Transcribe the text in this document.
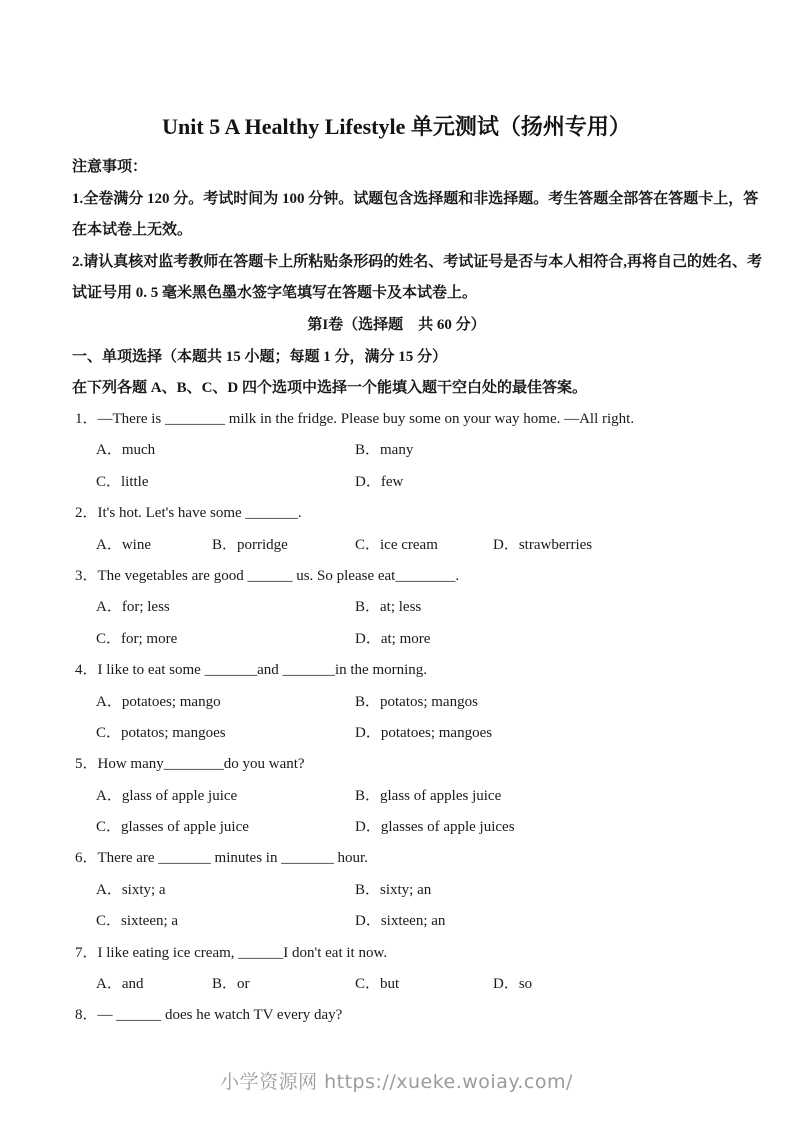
Unit 5 A Healthy Lifestyle 单元测试（扬州专用）
注意事项：
1.全卷满分 120 分。考试时间为 100 分钟。试题包含选择题和非选择题。考生答题全部答在答题卡上，答
在本试卷上无效。
2.请认真核对监考教师在答题卡上所粘贴条形码的姓名、考试证号是否与本人相符合,再将自己的姓名、考
试证号用 0. 5 毫米黑色墨水签字笔填写在答题卡及本试卷上。
第I卷（选择题　共 60 分）
一、单项选择（本题共 15 小题；每题 1 分，满分 15 分）
在下列各题 A、B、C、D 四个选项中选择一个能填入题干空白处的最佳答案。
1．—There is ________ milk in the fridge. Please buy some on your way home. —All right.
A．much	B．many
C．little	D．few
2．It's hot. Let's have some _______.
A．wine	B．porridge	C．ice cream	D．strawberries
3．The vegetables are good ______ us. So please eat________.
A．for; less	B．at; less
C．for; more	D．at; more
4．I like to eat some _______and _______in the morning.
A．potatoes; mango	B．potatos; mangos
C．potatos; mangoes	D．potatoes; mangoes
5．How many________do you want?
A．glass of apple juice	B．glass of apples juice
C．glasses of apple juice	D．glasses of apple juices
6．There are _______ minutes in _______ hour.
A．sixty; a	B．sixty; an
C．sixteen; a	D．sixteen; an
7．I like eating ice cream, ______I don't eat it now.
A．and	B．or	C．but	D．so
8．— ______ does he watch TV every day?
小学资源网 https://xueke.woiay.com/
